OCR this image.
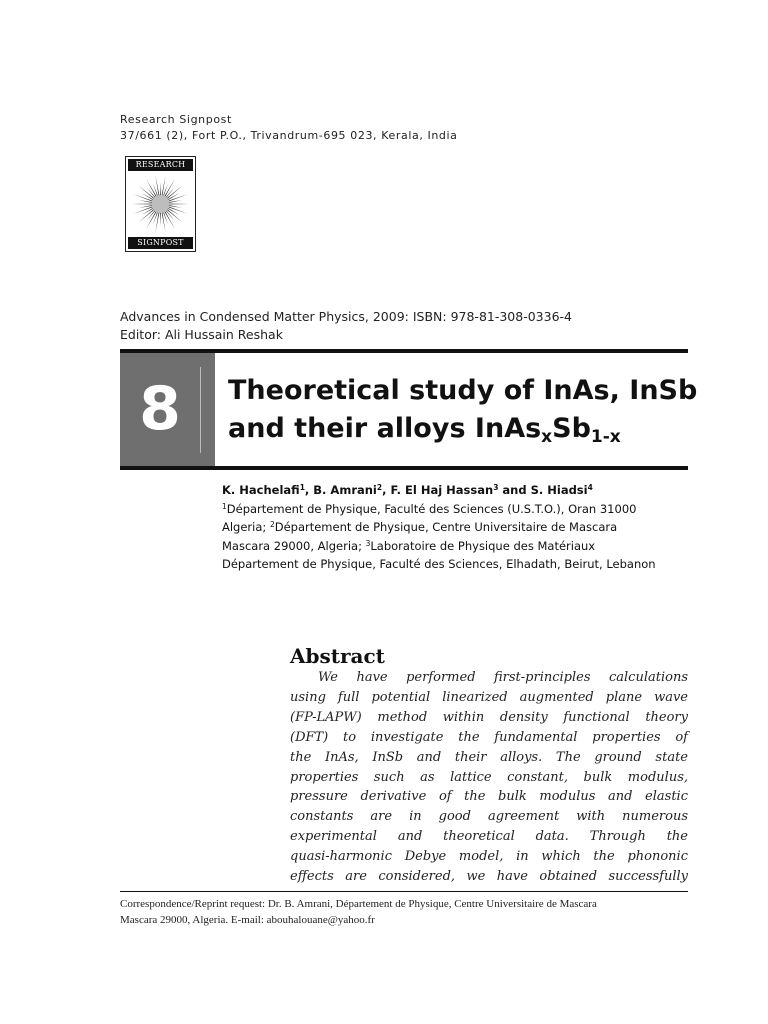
Research Signpost
37/661 (2), Fort P.O., Trivandrum-695 023, Kerala, India
RESEARCH
SIGNPOST
Advances in Condensed Matter Physics, 2009: ISBN: 978-81-308-0336-4
Editor: Ali Hussain Reshak
8	Theoretical study of InAs, InSb
and their alloys $InAs_xSb_{1-x}$
K. Hachelafi$^1$, B. Amrani$^2$, F. El Haj Hassan$^3$ and S. Hiadsi$^4$
$^1$Département de Physique, Faculté des Sciences (U.S.T.O.), Oran 31000
Algeria; $^2$Département de Physique, Centre Universitaire de Mascara
Mascara 29000, Algeria; $^3$Laboratoire de Physique des Matériaux
Département de Physique, Faculté des Sciences, Elhadath, Beirut, Lebanon
Abstract
We have performed first-principles calculations
using full potential linearized augmented plane wave
(FP-LAPW) method within density functional theory
(DFT) to investigate the fundamental properties of
the InAs, InSb and their alloys. The ground state
properties such as lattice constant, bulk modulus,
pressure derivative of the bulk modulus and elastic
constants are in good agreement with numerous
experimental and theoretical data. Through the
quasi-harmonic Debye model, in which the phononic
effects are considered, we have obtained successfully
Correspondence/Reprint request: Dr. B. Amrani, Département de Physique, Centre Universitaire de Mascara
Mascara 29000, Algeria. E-mail: abouhalouane@yahoo.fr
